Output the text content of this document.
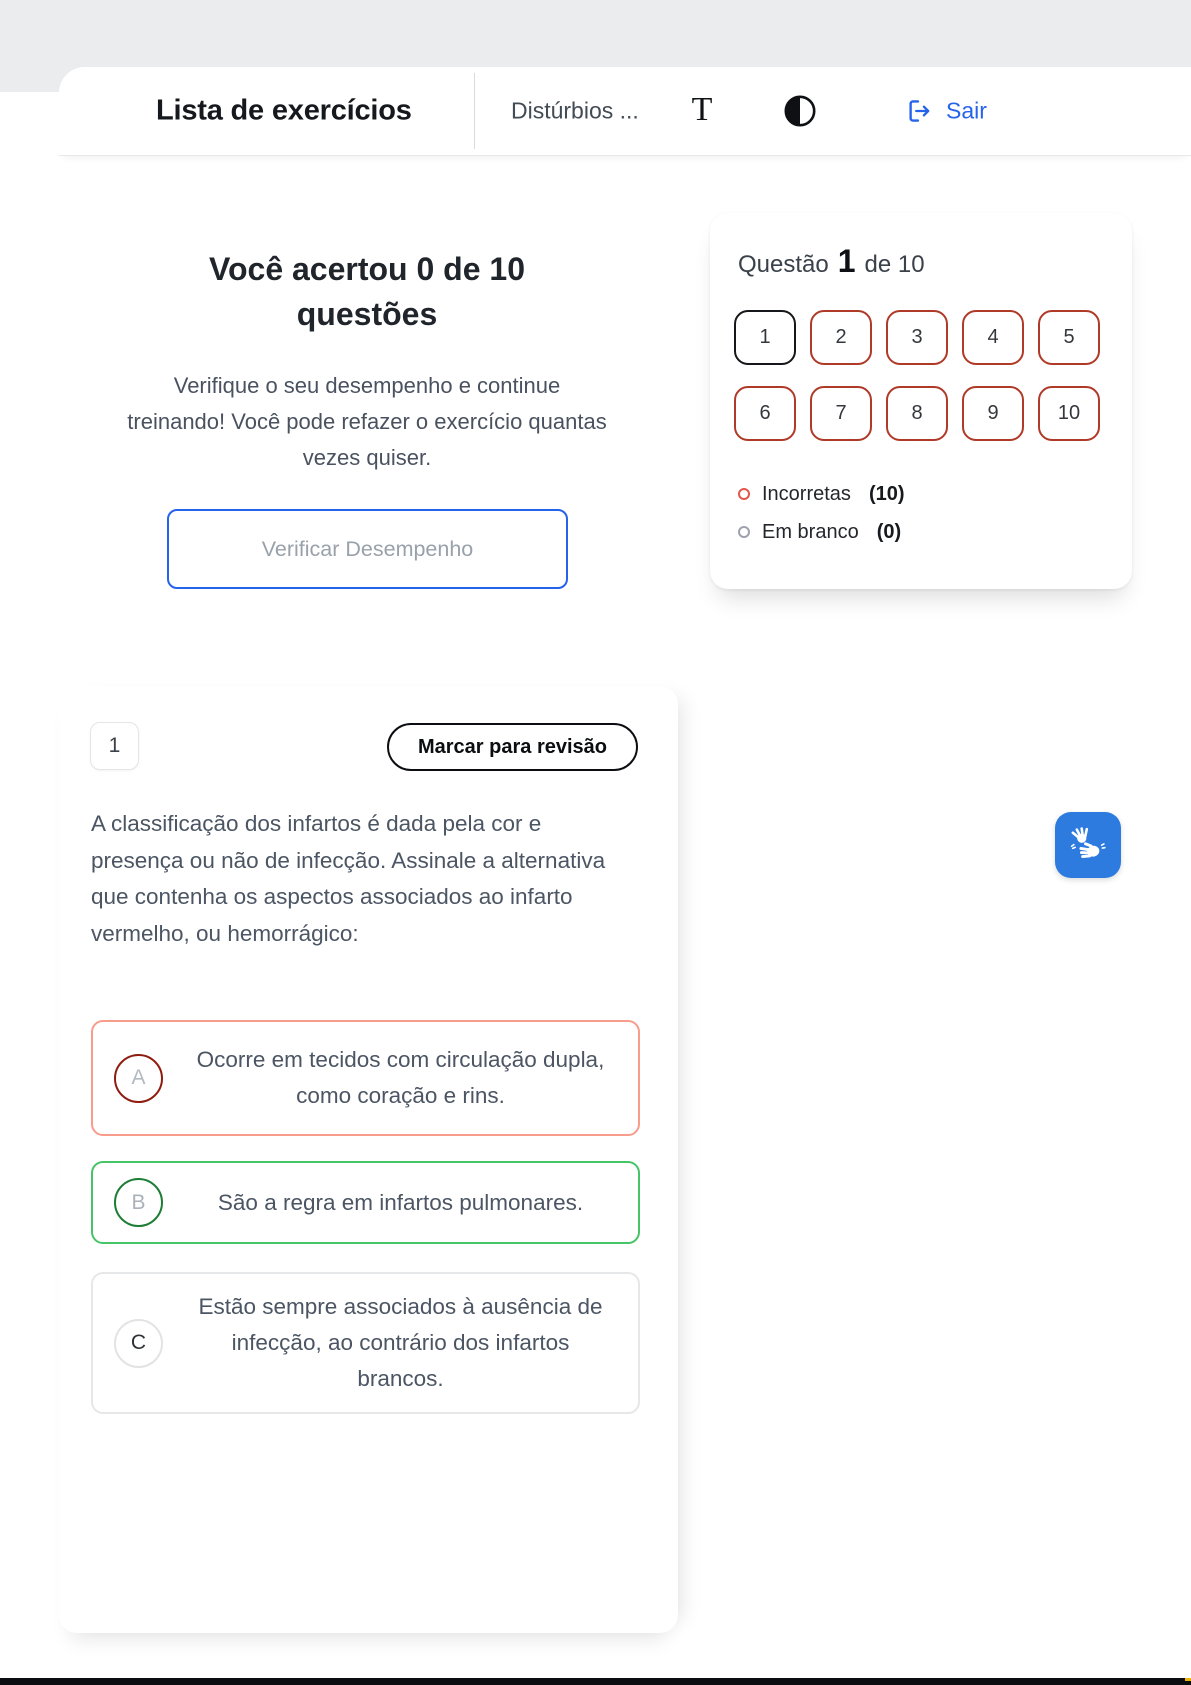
Lista de exercícios	Distúrbios ...	T	Sair
Você acertou 0 de 10 questões
Verifique o seu desempenho e continue treinando! Você pode refazer o exercício quantas vezes quiser.
Verificar Desempenho
Questão 1 de 10
1	2	3	4	5
6	7	8	9	10
Incorretas (10)
Em branco (0)
1	Marcar para revisão
A classificação dos infartos é dada pela cor e presença ou não de infecção. Assinale a alternativa que contenha os aspectos associados ao infarto vermelho, ou hemorrágico:
A
Ocorre em tecidos com circulação dupla, como coração e rins.
B	São a regra em infartos pulmonares.
C
Estão sempre associados à ausência de infecção, ao contrário dos infartos brancos.
